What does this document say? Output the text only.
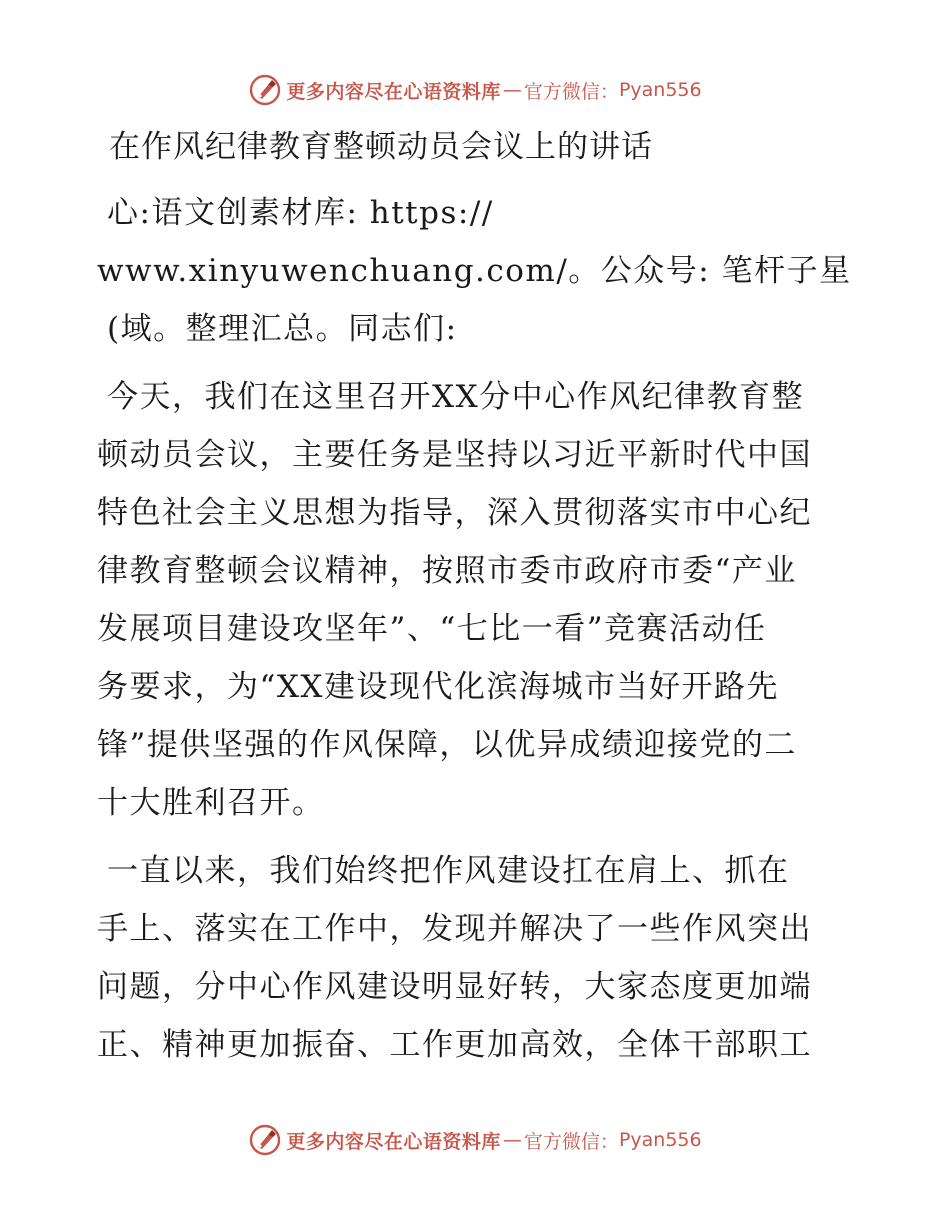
更多内容尽在心语资料库 — 官方微信： Pyan556
在作风纪律教育整顿动员会议上的讲话
心:语文创素材库: https://
www.xinyuwenchuang.com/。公众号: 笔杆子星
(域。整理汇总。同志们:
今天，我们在这里召开XX分中心作风纪律教育整
顿动员会议，主要任务是坚持以习近平新时代中国
特色社会主义思想为指导，深入贯彻落实市中心纪
律教育整顿会议精神，按照市委市政府市委“产业
发展项目建设攻坚年”、“七比一看”竞赛活动任
务要求，为“XX建设现代化滨海城市当好开路先
锋”提供坚强的作风保障，以优异成绩迎接党的二
十大胜利召开。
一直以来，我们始终把作风建设扛在肩上、抓在
手上、落实在工作中，发现并解决了一些作风突出
问题，分中心作风建设明显好转，大家态度更加端
正、精神更加振奋、工作更加高效，全体干部职工
更多内容尽在心语资料库 — 官方微信： Pyan556
